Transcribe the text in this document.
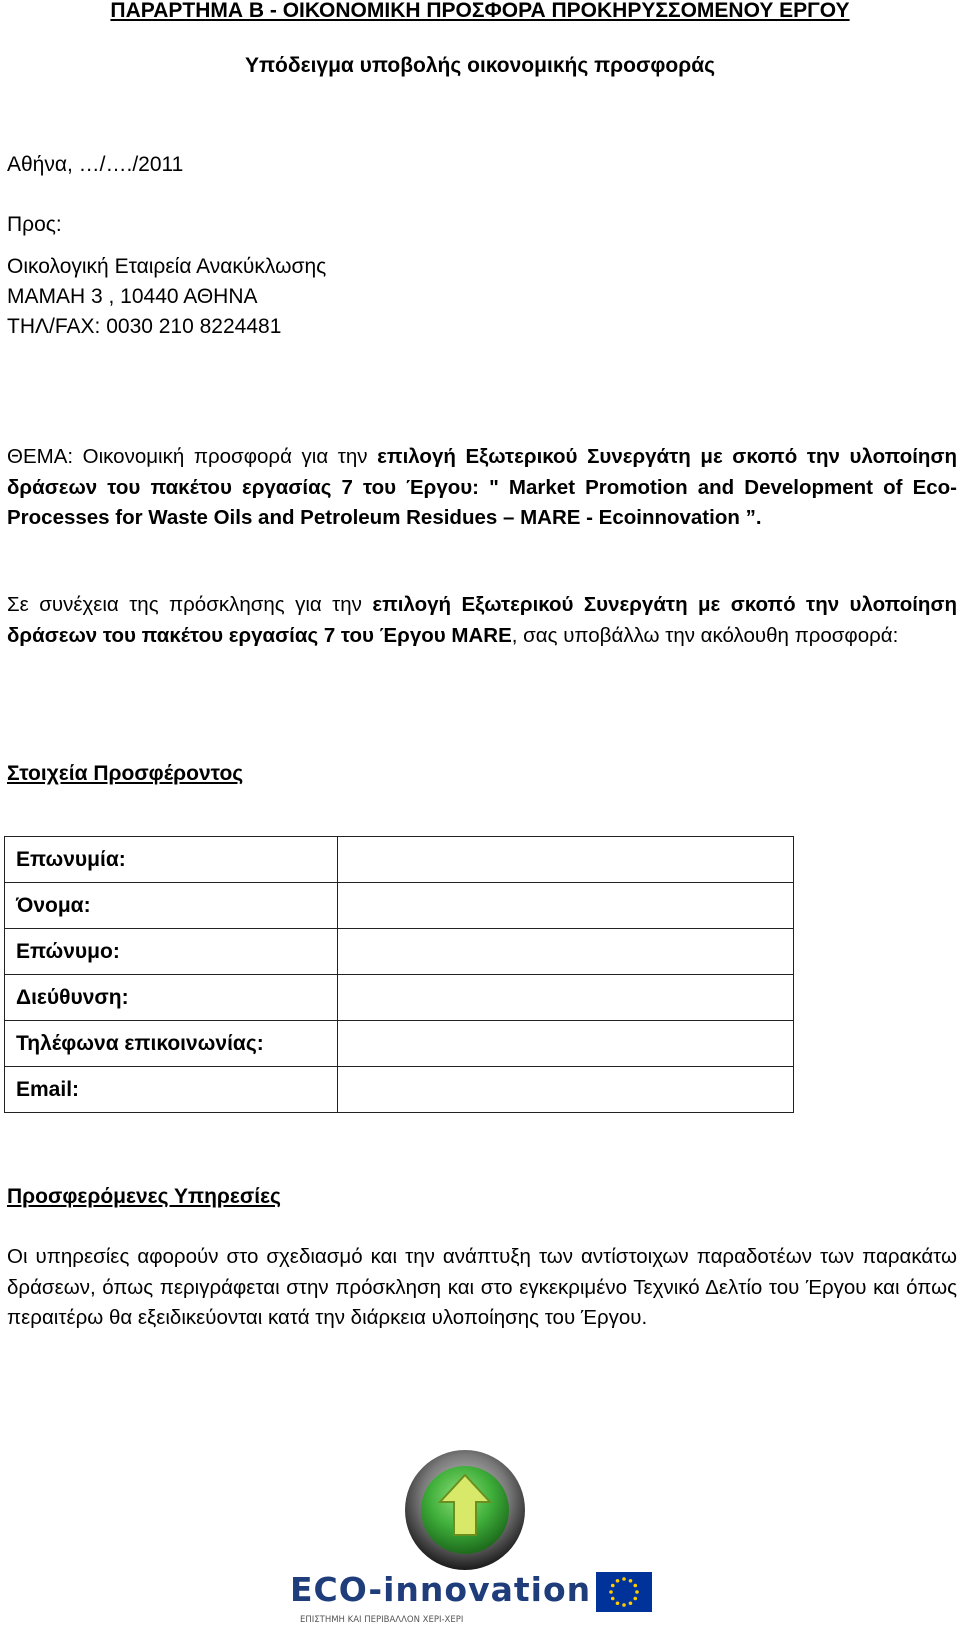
ΠΑΡΑΡΤΗΜΑ Β - ΟΙΚΟΝΟΜΙΚΗ ΠΡΟΣΦΟΡΑ ΠΡΟΚΗΡΥΣΣΟΜΕΝΟΥ ΕΡΓΟΥ
Υπόδειγμα υποβολής οικονομικής προσφοράς
Αθήνα, …/…./2011
Προς:
Οικολογική Εταιρεία Ανακύκλωσης
ΜΑΜΑΗ 3 , 10440 ΑΘΗΝΑ
ΤΗΛ/FAX: 0030 210 8224481
ΘΕΜΑ: Οικονομική προσφορά για την επιλογή Εξωτερικού Συνεργάτη με σκοπό την υλοποίηση δράσεων του πακέτου εργασίας 7 του Έργου: " Market Promotion and Development of Eco-Processes for Waste Oils and Petroleum Residues – MARE - Ecoinnovation ”.
Σε συνέχεια της πρόσκλησης για την επιλογή Εξωτερικού Συνεργάτη με σκοπό την υλοποίηση δράσεων του πακέτου εργασίας 7 του Έργου MARE, σας υποβάλλω την ακόλουθη προσφορά:
Στοιχεία Προσφέροντος
Επωνυμία:	
Όνομα:	
Επώνυμο:	
Διεύθυνση:	
Τηλέφωνα επικοινωνίας:	
Email:	
Προσφερόμενες Υπηρεσίες
Οι υπηρεσίες αφορούν στο σχεδιασμό και την ανάπτυξη των αντίστοιχων παραδοτέων των παρακάτω δράσεων, όπως περιγράφεται στην πρόσκληση και στο εγκεκριμένο Τεχνικό Δελτίο του Έργου και όπως περαιτέρω θα εξειδικεύονται κατά την διάρκεια υλοποίησης του Έργου.
ECO-innovation
ΕΠΙΣΤΗΜΗ ΚΑΙ ΠΕΡΙΒΑΛΛΟΝ ΧΕΡΙ-ΧΕΡΙ
